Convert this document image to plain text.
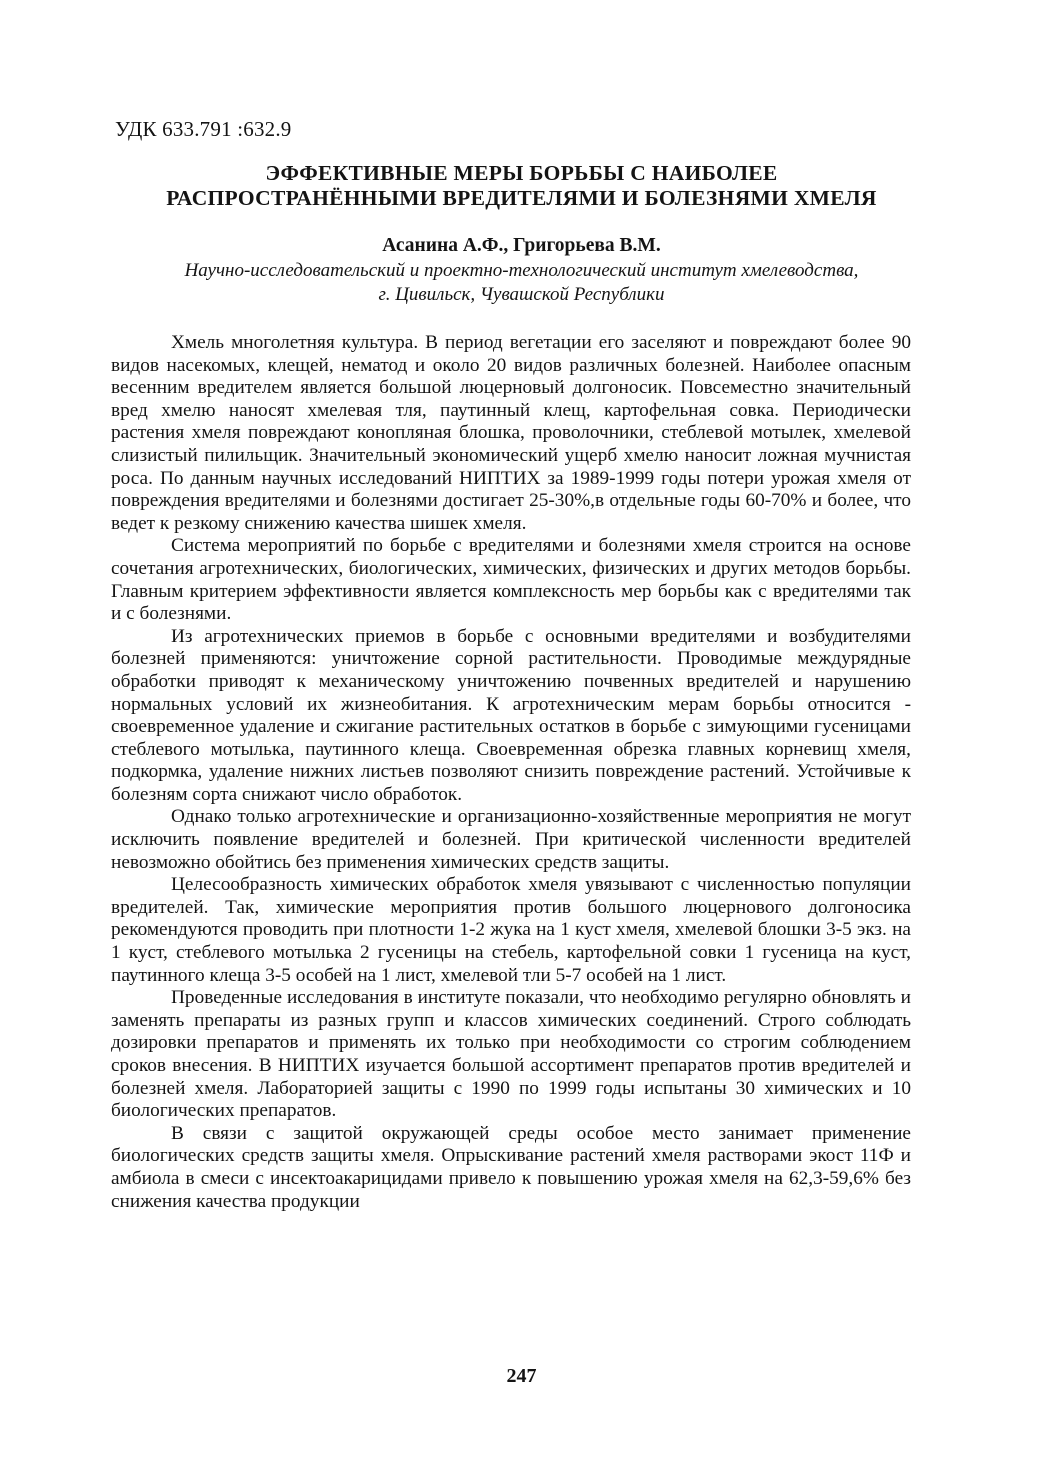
УДК 633.791 :632.9
ЭФФЕКТИВНЫЕ МЕРЫ БОРЬБЫ С НАИБОЛЕЕ
РАСПРОСТРАНЁННЫМИ ВРЕДИТЕЛЯМИ И БОЛЕЗНЯМИ ХМЕЛЯ
Асанина А.Ф., Григорьева В.М.
Научно-исследовательский и проектно-технологический институт хмелеводства,
г. Цивильск, Чувашской Республики

Хмель многолетняя культура. В период вегетации его заселяют и повреждают более 90 видов насекомых, клещей, нематод и около 20 видов различных болезней. Наиболее опасным весенним вредителем является большой люцерновый долгоносик. Повсеместно значительный вред хмелю наносят хмелевая тля, паутинный клещ, картофельная совка. Периодически растения хмеля повреждают конопляная блошка, проволочники, стеблевой мотылек, хмелевой слизистый пилильщик. Значительный экономический ущерб хмелю наносит ложная мучнистая роса. По данным научных исследований НИПТИХ за 1989-1999 годы потери урожая хмеля от повреждения вредителями и болезнями достигает 25-30%,в отдельные годы 60-70% и более, что ведет к резкому снижению качества шишек хмеля.

Система мероприятий по борьбе с вредителями и болезнями хмеля строится на основе сочетания агротехнических, биологических, химических, физических и других методов борьбы. Главным критерием эффективности является комплексность мер борьбы как с вредителями так и с болезнями.

Из агротехнических приемов в борьбе с основными вредителями и возбудителями болезней применяются: уничтожение сорной растительности. Проводимые междурядные обработки приводят к механическому уничтожению почвенных вредителей и нарушению нормальных условий их жизнеобитания. К агротехническим мерам борьбы относится - своевременное удаление и сжигание растительных остатков в борьбе с зимующими гусеницами стеблевого мотылька, паутинного клеща. Своевременная обрезка главных корневищ хмеля, подкормка, удаление нижних листьев позволяют снизить повреждение растений. Устойчивые к болезням сорта снижают число обработок.

Однако только агротехнические и организационно-хозяйственные мероприятия не могут исключить появление вредителей и болезней. При критической численности вредителей невозможно обойтись без применения химических средств защиты.

Целесообразность химических обработок хмеля увязывают с численностью популяции вредителей. Так, химические мероприятия против большого люцернового долгоносика рекомендуются проводить при плотности 1-2 жука на 1 куст хмеля, хмелевой блошки 3-5 экз. на 1 куст, стеблевого мотылька 2 гусеницы на стебель, картофельной совки 1 гусеница на куст, паутинного клеща 3-5 особей на 1 лист, хмелевой тли 5-7 особей на 1 лист.

Проведенные исследования в институте показали, что необходимо регулярно обновлять и заменять препараты из разных групп и классов химических соединений. Строго соблюдать дозировки препаратов и применять их только при необходимости со строгим соблюдением сроков внесения. В НИПТИХ изучается большой ассортимент препаратов против вредителей и болезней хмеля. Лабораторией защиты с 1990 по 1999 годы испытаны 30 химических и 10 биологических препаратов.

В связи с защитой окружающей среды особое место занимает применение биологических средств защиты хмеля. Опрыскивание растений хмеля растворами экост 11Ф и амбиола в смеси с инсектоакарицидами привело к повышению урожая хмеля на 62,3-59,6% без снижения качества продукции

247
